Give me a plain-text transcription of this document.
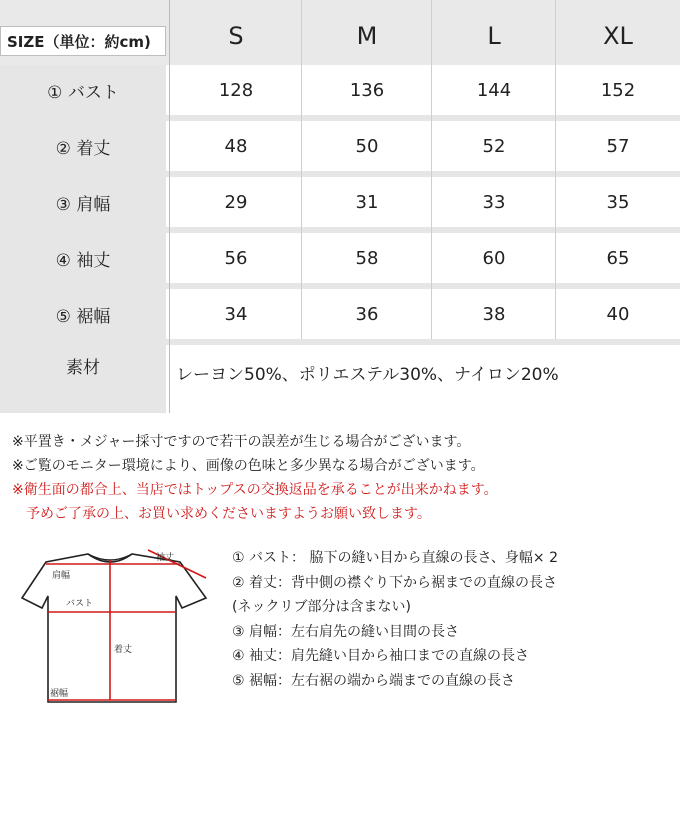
SIZE（単位：約cm)	S	M	L	XL
① バスト	128	136	144	152
② 着丈	48	50	52	57
③ 肩幅	29	31	33	35
④ 袖丈	56	58	60	65
⑤ 裾幅	34	36	38	40
素材	レーヨン50%、ポリエステル30%、ナイロン20%
※平置き・メジャー採寸ですので若干の誤差が生じる場合がございます。
※ご覧のモニター環境により、画像の色味と多少異なる場合がございます。
※衛生面の都合上、当店ではトップスの交換返品を承ることが出来かねます。
　予めご了承の上、お買い求めくださいますようお願い致します。
肩幅
袖丈
バスト
着丈
裾幅
① バスト： 脇下の縫い目から直線の長さ、身幅× 2
② 着丈：背中側の襟ぐり下から裾までの直線の長さ
(ネックリブ部分は含まない)
③ 肩幅：左右肩先の縫い目間の長さ
④ 袖丈：肩先縫い目から袖口までの直線の長さ
⑤ 裾幅：左右裾の端から端までの直線の長さ
